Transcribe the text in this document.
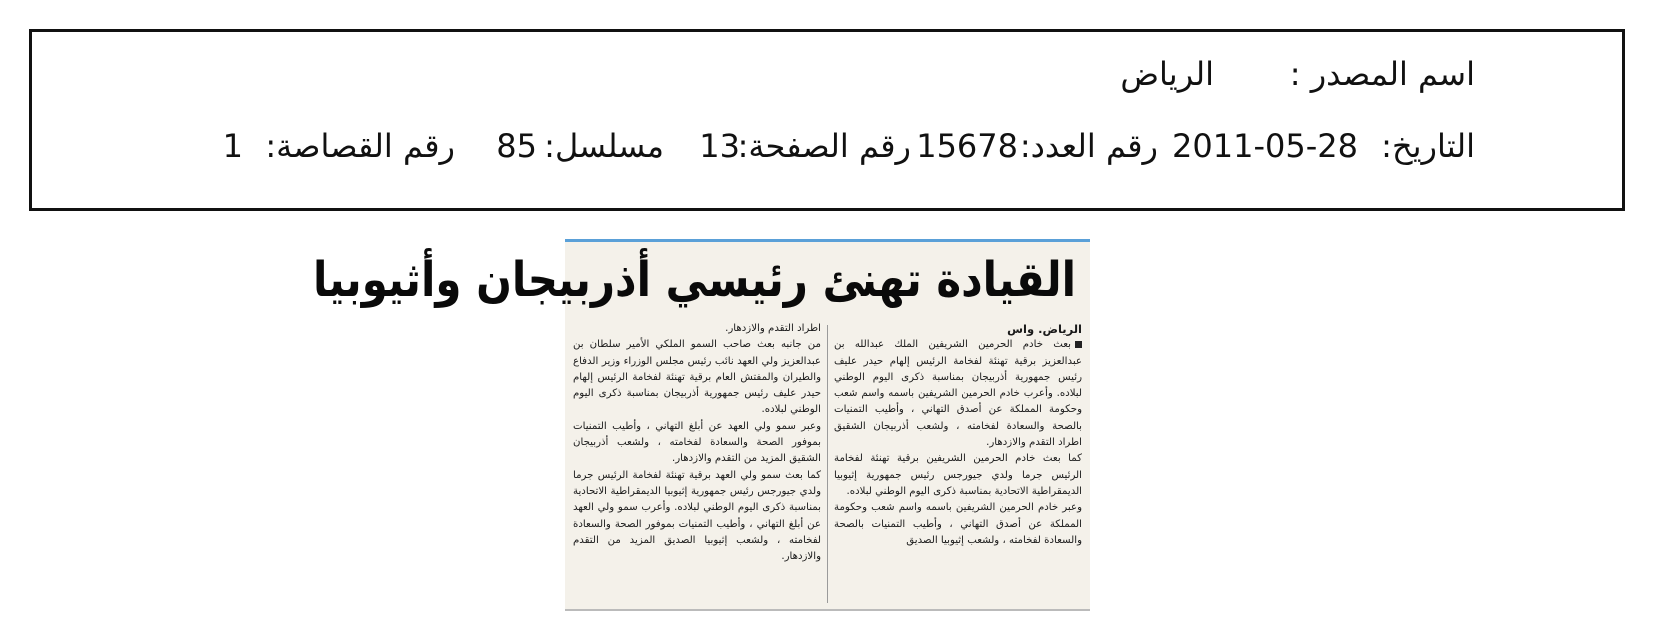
اسم المصدر :
الرياض
التاريخ:
2011-05-28
رقم العدد:
15678
رقم الصفحة:
13
مسلسل:
85
رقم القصاصة:
1
القيادة تهنئ رئيسي أذربيجان وأثيوبيا
الرياض. واس
بعث خادم الحرمين الشريفين الملك عبدالله بن عبدالعزيز برقية تهنئة لفخامة الرئيس إلهام حيدر عليف رئيس جمهورية أذربيجان بمناسبة ذكرى اليوم الوطني لبلاده. وأعرب خادم الحرمين الشريفين باسمه واسم شعب وحكومة المملكة عن أصدق التهاني ، وأطيب التمنيات بالصحة والسعادة لفخامته ، ولشعب أذربيجان الشقيق اطراد التقدم والازدهار.
كما بعث خادم الحرمين الشريفين برقية تهنئة لفخامة الرئيس جرما ولدي جيورجس رئيس جمهورية إثيوبيا الديمقراطية الاتحادية بمناسبة ذكرى اليوم الوطني لبلاده.
وعبر خادم الحرمين الشريفين باسمه واسم شعب وحكومة المملكة عن أصدق التهاني ، وأطيب التمنيات بالصحة والسعادة لفخامته ، ولشعب إثيوبيا الصديق
اطراد التقدم والازدهار.
من جانبه بعث صاحب السمو الملكي الأمير سلطان بن عبدالعزيز ولي العهد نائب رئيس مجلس الوزراء وزير الدفاع والطيران والمفتش العام برقية تهنئة لفخامة الرئيس إلهام حيدر عليف رئيس جمهورية أذربيجان بمناسبة ذكرى اليوم الوطني لبلاده.
وعبر سمو ولي العهد عن أبلغ التهاني ، وأطيب التمنيات بموفور الصحة والسعادة لفخامته ، ولشعب أذربيجان الشقيق المزيد من التقدم والازدهار.
كما بعث سمو ولي العهد برقية تهنئة لفخامة الرئيس جرما ولدي جيورجس رئيس جمهورية إثيوبيا الديمقراطية الاتحادية بمناسبة ذكرى اليوم الوطني لبلاده. وأعرب سمو ولي العهد عن أبلغ التهاني ، وأطيب التمنيات بموفور الصحة والسعادة لفخامته ، ولشعب إثيوبيا الصديق المزيد من التقدم والازدهار.
